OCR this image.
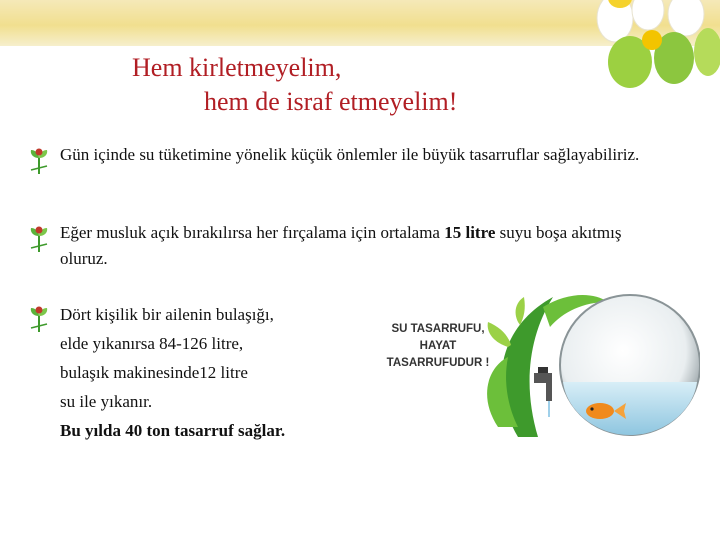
Hem kirletmeyelim,
hem de israf etmeyelim!
Gün içinde su tüketimine yönelik küçük önlemler ile büyük tasarruflar sağlayabiliriz.
Eğer musluk açık bırakılırsa her fırçalama için ortalama 15 litre suyu boşa akıtmış oluruz.
Dört kişilik bir ailenin bulaşığı,
elde yıkanırsa 84-126 litre,
bulaşık makinesinde12 litre
su ile yıkanır.
Bu yılda 40 ton tasarruf sağlar.
SU TASARRUFU,
HAYAT
TASARRUFUDUR !
